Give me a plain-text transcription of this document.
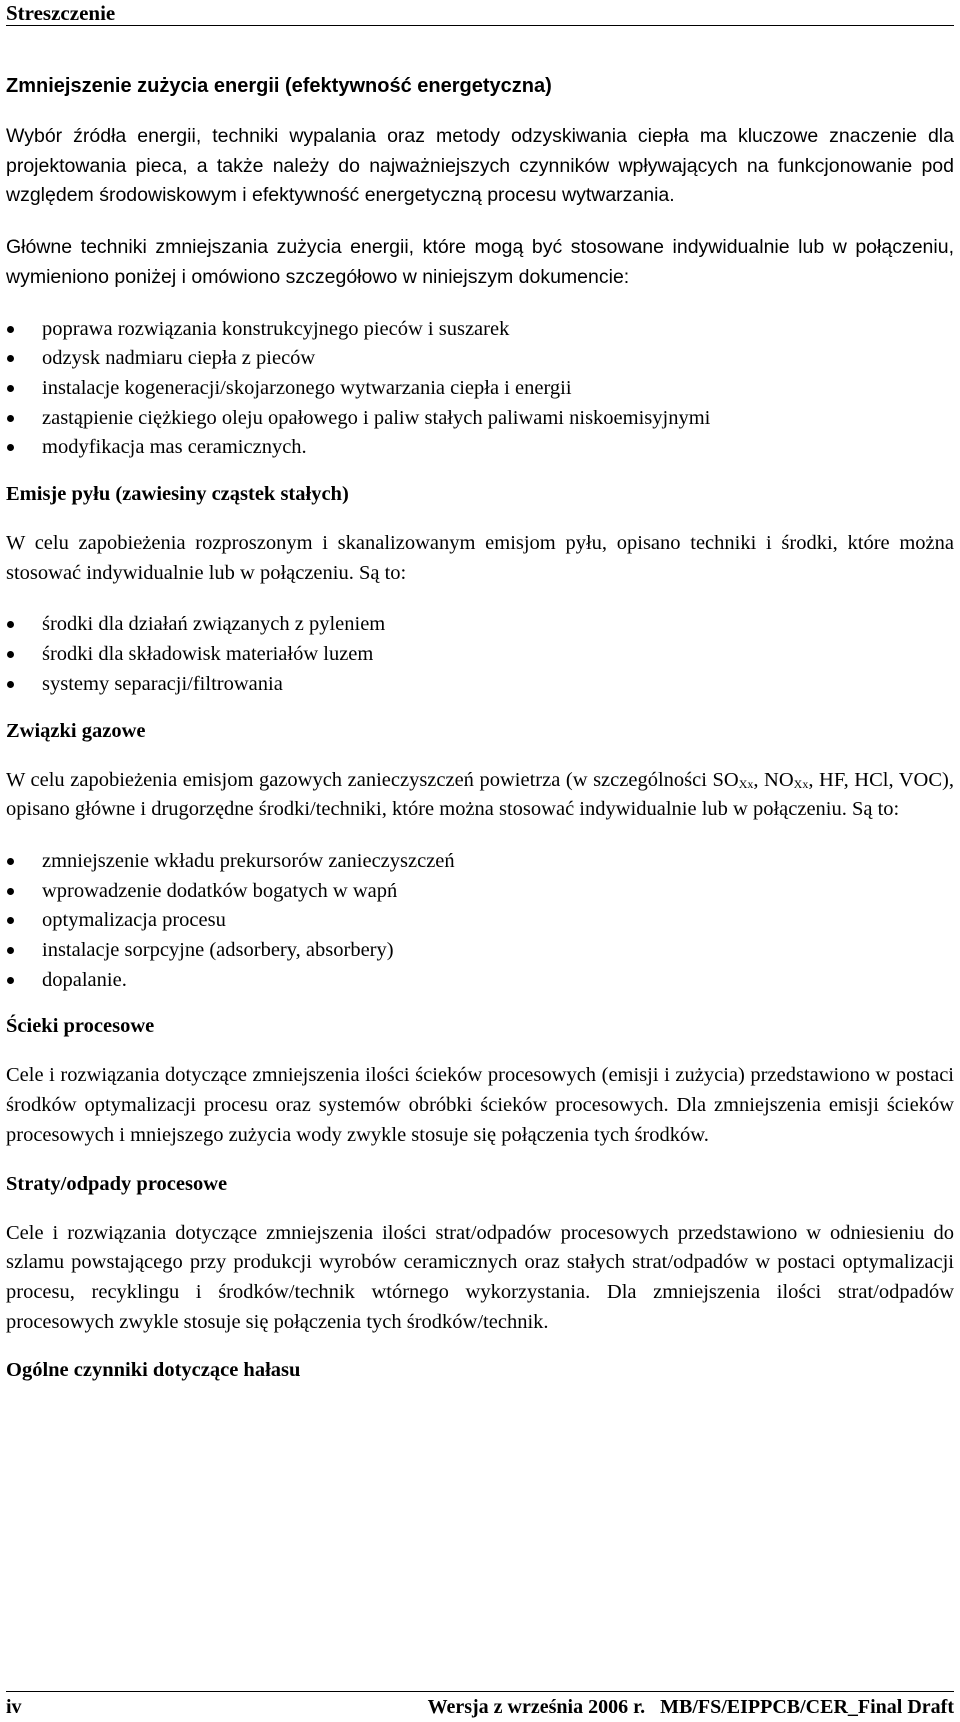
Streszczenie
Zmniejszenie zużycia energii (efektywność energetyczna)

Wybór źródła energii, techniki wypalania oraz metody odzyskiwania ciepła ma kluczowe znaczenie dla projektowania pieca, a także należy do najważniejszych czynników wpływających na funkcjonowanie pod względem środowiskowym i efektywność energetyczną procesu wytwarzania.

Główne techniki zmniejszania zużycia energii, które mogą być stosowane indywidualnie lub w połączeniu, wymieniono poniżej i omówiono szczegółowo w niniejszym dokumencie:

poprawa rozwiązania konstrukcyjnego pieców i suszarek
odzysk nadmiaru ciepła z pieców
instalacje kogeneracji/skojarzonego wytwarzania ciepła i energii
zastąpienie ciężkiego oleju opałowego i paliw stałych paliwami niskoemisyjnymi
modyfikacja mas ceramicznych.
Emisje pyłu (zawiesiny cząstek stałych)

W celu zapobieżenia rozproszonym i skanalizowanym emisjom pyłu, opisano techniki i środki, które można stosować indywidualnie lub w połączeniu. Są to:

środki dla działań związanych z pyleniem
środki dla składowisk materiałów luzem
systemy separacji/filtrowania
Związki gazowe

W celu zapobieżenia emisjom gazowych zanieczyszczeń powietrza (w szczególności $SO_{Xx}$, $NO_{Xx}$, HF, HCl, VOC), opisano główne i drugorzędne środki/techniki, które można stosować indywidualnie lub w połączeniu. Są to:

zmniejszenie wkładu prekursorów zanieczyszczeń
wprowadzenie dodatków bogatych w wapń
optymalizacja procesu
instalacje sorpcyjne (adsorbery, absorbery)
dopalanie.
Ścieki procesowe

Cele i rozwiązania dotyczące zmniejszenia ilości ścieków procesowych (emisji i zużycia) przedstawiono w postaci środków optymalizacji procesu oraz systemów obróbki ścieków procesowych. Dla zmniejszenia emisji ścieków procesowych i mniejszego zużycia wody zwykle stosuje się połączenia tych środków.

Straty/odpady procesowe

Cele i rozwiązania dotyczące zmniejszenia ilości strat/odpadów procesowych przedstawiono w odniesieniu do szlamu powstającego przy produkcji wyrobów ceramicznych oraz stałych strat/odpadów w postaci optymalizacji procesu, recyklingu i środków/technik wtórnego wykorzystania. Dla zmniejszenia ilości strat/odpadów procesowych zwykle stosuje się połączenia tych środków/technik.

Ogólne czynniki dotyczące hałasu
iv	Wersja z września 2006 r.   MB/FS/EIPPCB/CER_Final Draft
